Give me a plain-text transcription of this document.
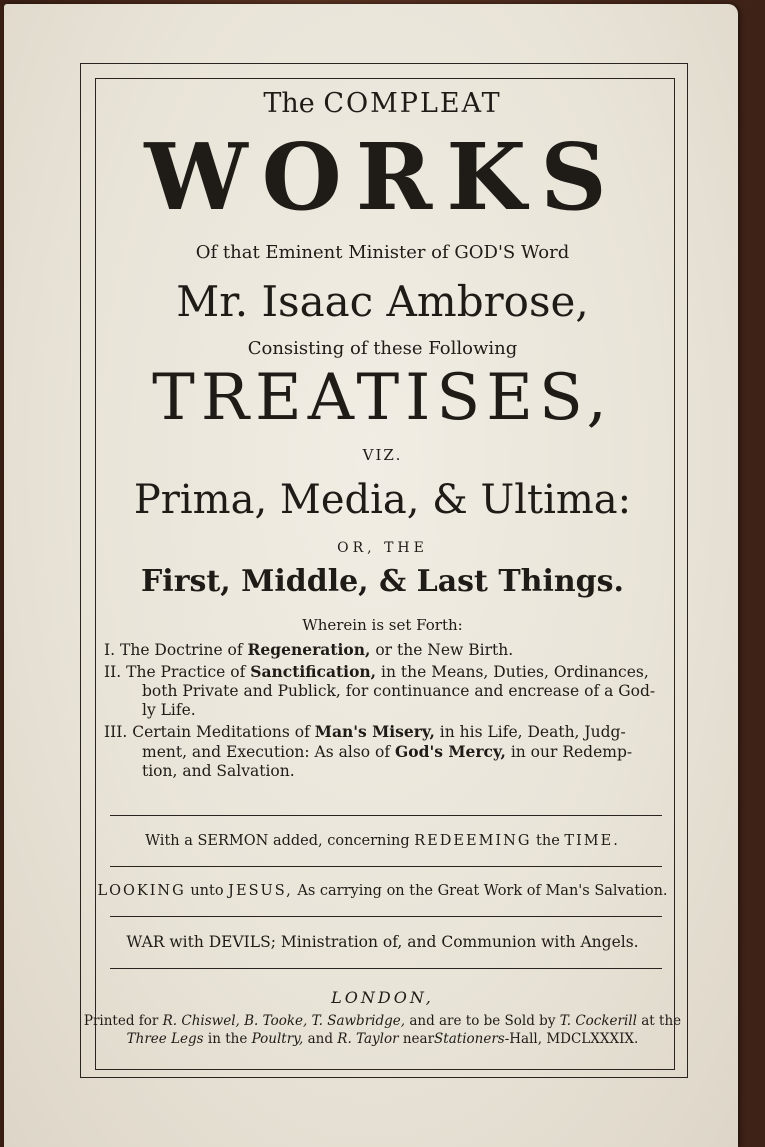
The COMPLEAT
WORKS
Of that Eminent Minister of GOD'S Word
Mr. Isaac Ambrose,
Consisting of these Following
TREATISES,
VIZ.
Prima, Media, & Ultima:
OR, THE
First, Middle, & Last Things.
Wherein is set Forth:
I. The Doctrine of Regeneration, or the New Birth.
II. The Practice of Sanctification, in the Means, Duties, Ordinances,
both Private and Publick, for continuance and encrease of a God-
ly Life.
III. Certain Meditations of Man's Misery, in his Life, Death, Judg-
ment, and Execution: As also of God's Mercy, in our Redemp-
tion, and Salvation.
With a SERMON added, concerning REDEEMING the TIME.
LOOKING unto JESUS, As carrying on the Great Work of Man's Salvation.
WAR with DEVILS; Ministration of, and Communion with Angels.
LONDON,
Printed for R. Chiswel, B. Tooke, T. Sawbridge, and are to be Sold by T. Cockerill at the
Three Legs in the Poultry, and R. Taylor nearStationers-Hall, MDCLXXXIX.
